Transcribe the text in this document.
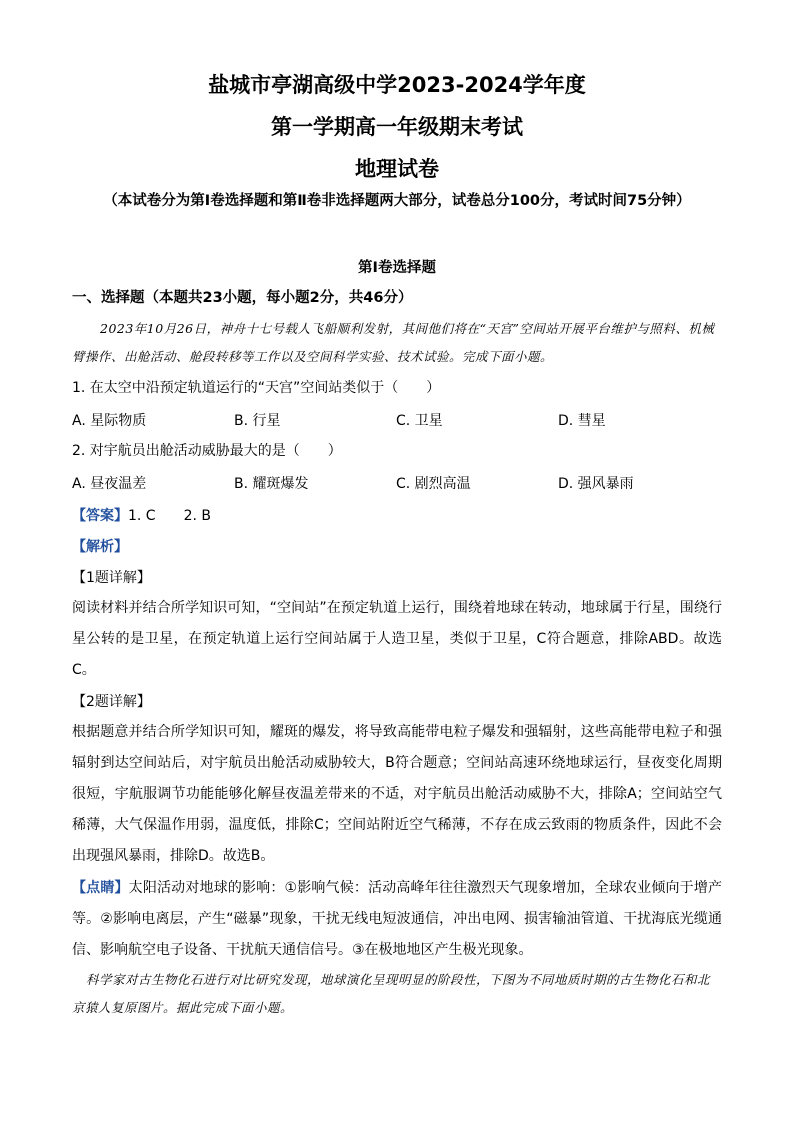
盐城市亭湖高级中学2023-2024学年度
第一学期高一年级期末考试
地理试卷
（本试卷分为第Ⅰ卷选择题和第Ⅱ卷非选择题两大部分，试卷总分100分，考试时间75分钟）
第Ⅰ卷选择题
一、选择题（本题共23小题，每小题2分，共46分）
2023年10月26日，神舟十七号载人飞船顺利发射，其间他们将在“天宫”空间站开展平台维护与照料、机械臂操作、出舱活动、舱段转移等工作以及空间科学实验、技术试验。完成下面小题。
1. 在太空中沿预定轨道运行的“天宫”空间站类似于（　　）
A. 星际物质	B. 行星	C. 卫星	D. 彗星
2. 对宇航员出舱活动威胁最大的是（　　）
A. 昼夜温差	B. 耀斑爆发	C. 剧烈高温	D. 强风暴雨
【答案】1. C　　2. B
【解析】
【1题详解】
阅读材料并结合所学知识可知，“空间站”在预定轨道上运行，围绕着地球在转动，地球属于行星，围绕行星公转的是卫星，在预定轨道上运行空间站属于人造卫星，类似于卫星，C符合题意，排除ABD。故选C。
【2题详解】
根据题意并结合所学知识可知，耀斑的爆发，将导致高能带电粒子爆发和强辐射，这些高能带电粒子和强辐射到达空间站后，对宇航员出舱活动威胁较大，B符合题意；空间站高速环绕地球运行，昼夜变化周期很短，宇航服调节功能能够化解昼夜温差带来的不适，对宇航员出舱活动威胁不大，排除A；空间站空气稀薄，大气保温作用弱，温度低，排除C；空间站附近空气稀薄，不存在成云致雨的物质条件，因此不会出现强风暴雨，排除D。故选B。
【点睛】太阳活动对地球的影响：①影响气候：活动高峰年往往激烈天气现象增加，全球农业倾向于增产等。②影响电离层，产生“磁暴”现象，干扰无线电短波通信，冲出电网、损害输油管道、干扰海底光缆通信、影响航空电子设备、干扰航天通信信号。③在极地地区产生极光现象。
科学家对古生物化石进行对比研究发现，地球演化呈现明显的阶段性，下图为不同地质时期的古生物化石和北京猿人复原图片。据此完成下面小题。
